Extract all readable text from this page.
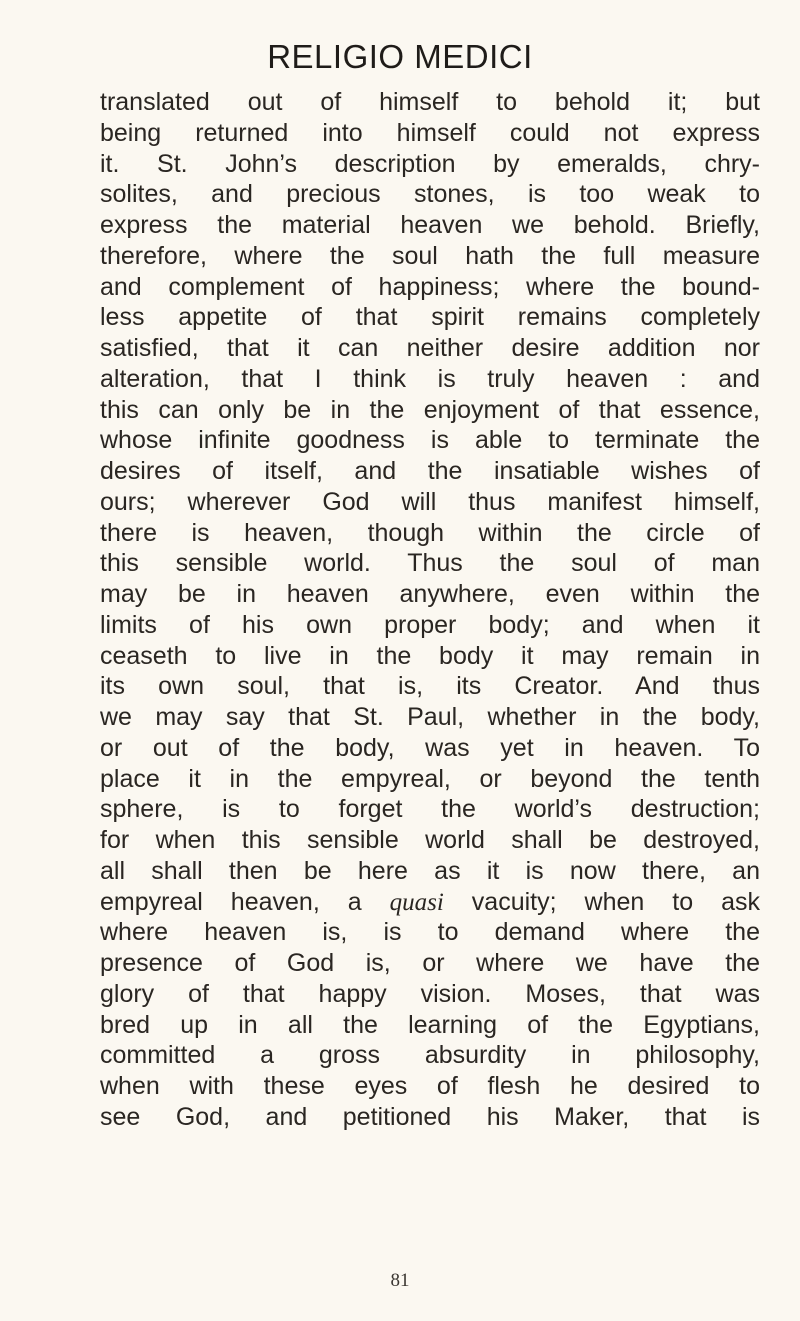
RELIGIO MEDICI
translated out of himself to behold it; but
being returned into himself could not express
it. St. John’s description by emeralds, chry-
solites, and precious stones, is too weak to
express the material heaven we behold. Briefly,
therefore, where the soul hath the full measure
and complement of happiness; where the bound-
less appetite of that spirit remains completely
satisfied, that it can neither desire addition nor
alteration, that I think is truly heaven : and
this can only be in the enjoyment of that essence,
whose infinite goodness is able to terminate the
desires of itself, and the insatiable wishes of
ours; wherever God will thus manifest himself,
there is heaven, though within the circle of
this sensible world. Thus the soul of man
may be in heaven anywhere, even within the
limits of his own proper body; and when it
ceaseth to live in the body it may remain in
its own soul, that is, its Creator. And thus
we may say that St. Paul, whether in the body,
or out of the body, was yet in heaven. To
place it in the empyreal, or beyond the tenth
sphere, is to forget the world’s destruction;
for when this sensible world shall be destroyed,
all shall then be here as it is now there, an
empyreal heaven, a quasi vacuity; when to ask
where heaven is, is to demand where the
presence of God is, or where we have the
glory of that happy vision. Moses, that was
bred up in all the learning of the Egyptians,
committed a gross absurdity in philosophy,
when with these eyes of flesh he desired to
see God, and petitioned his Maker, that is
81
